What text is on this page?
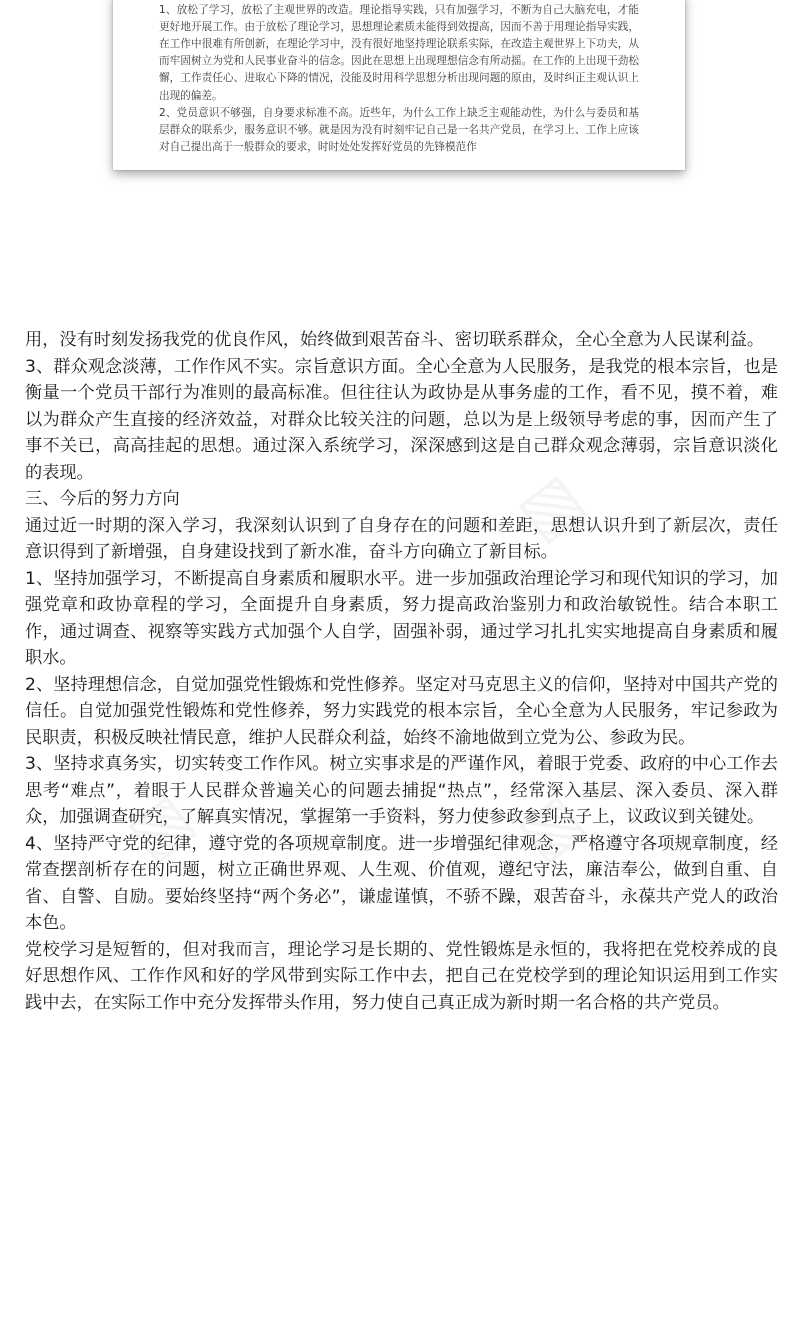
1、放松了学习，放松了主观世界的改造。理论指导实践，只有加强学习，不断为自己大脑充电，才能更好地开展工作。由于放松了理论学习，思想理论素质未能得到效提高，因而不善于用理论指导实践，在工作中很难有所创新，在理论学习中，没有很好地坚持理论联系实际，在改造主观世界上下功夫，从而牢固树立为党和人民事业奋斗的信念。因此在思想上出现理想信念有所动摇。在工作的上出现干劲松懈，工作责任心、进取心下降的情况，没能及时用科学思想分析出现问题的原由，及时纠正主观认识上出现的偏差。

2、党员意识不够强，自身要求标准不高。近些年，为什么工作上缺乏主观能动性，为什么与委员和基层群众的联系少，服务意识不够。就是因为没有时刻牢记自己是一名共产党员，在学习上、工作上应该对自己提出高于一般群众的要求，时时处处发挥好党员的先锋模范作

用，没有时刻发扬我党的优良作风，始终做到艰苦奋斗、密切联系群众，全心全意为人民谋利益。

3、群众观念淡薄，工作作风不实。宗旨意识方面。全心全意为人民服务，是我党的根本宗旨，也是衡量一个党员干部行为准则的最高标准。但往往认为政协是从事务虚的工作，看不见，摸不着，难以为群众产生直接的经济效益，对群众比较关注的问题，总以为是上级领导考虑的事，因而产生了事不关已，高高挂起的思想。通过深入系统学习，深深感到这是自己群众观念薄弱，宗旨意识淡化的表现。

三、今后的努力方向

通过近一时期的深入学习，我深刻认识到了自身存在的问题和差距，思想认识升到了新层次，责任意识得到了新增强，自身建设找到了新水准，奋斗方向确立了新目标。

1、坚持加强学习，不断提高自身素质和履职水平。进一步加强政治理论学习和现代知识的学习，加强党章和政协章程的学习，全面提升自身素质，努力提高政治鉴别力和政治敏锐性。结合本职工作，通过调查、视察等实践方式加强个人自学，固强补弱，通过学习扎扎实实地提高自身素质和履职水。

2、坚持理想信念，自觉加强党性锻炼和党性修养。坚定对马克思主义的信仰，坚持对中国共产党的信任。自觉加强党性锻炼和党性修养，努力实践党的根本宗旨，全心全意为人民服务，牢记参政为民职责，积极反映社情民意，维护人民群众利益，始终不渝地做到立党为公、参政为民。

3、坚持求真务实，切实转变工作作风。树立实事求是的严谨作风，着眼于党委、政府的中心工作去思考“难点”，着眼于人民群众普遍关心的问题去捕捉“热点”，经常深入基层、深入委员、深入群众，加强调查研究，了解真实情况，掌握第一手资料，努力使参政参到点子上，议政议到关键处。

4、坚持严守党的纪律，遵守党的各项规章制度。进一步增强纪律观念，严格遵守各项规章制度，经常查摆剖析存在的问题，树立正确世界观、人生观、价值观，遵纪守法，廉洁奉公，做到自重、自省、自警、自励。要始终坚持“两个务必”，谦虚谨慎，不骄不躁，艰苦奋斗，永葆共产党人的政治本色。

党校学习是短暂的，但对我而言，理论学习是长期的、党性锻炼是永恒的，我将把在党校养成的良好思想作风、工作作风和好的学风带到实际工作中去，把自己在党校学到的理论知识运用到工作实践中去，在实际工作中充分发挥带头作用，努力使自己真正成为新时期一名合格的共产党员。
